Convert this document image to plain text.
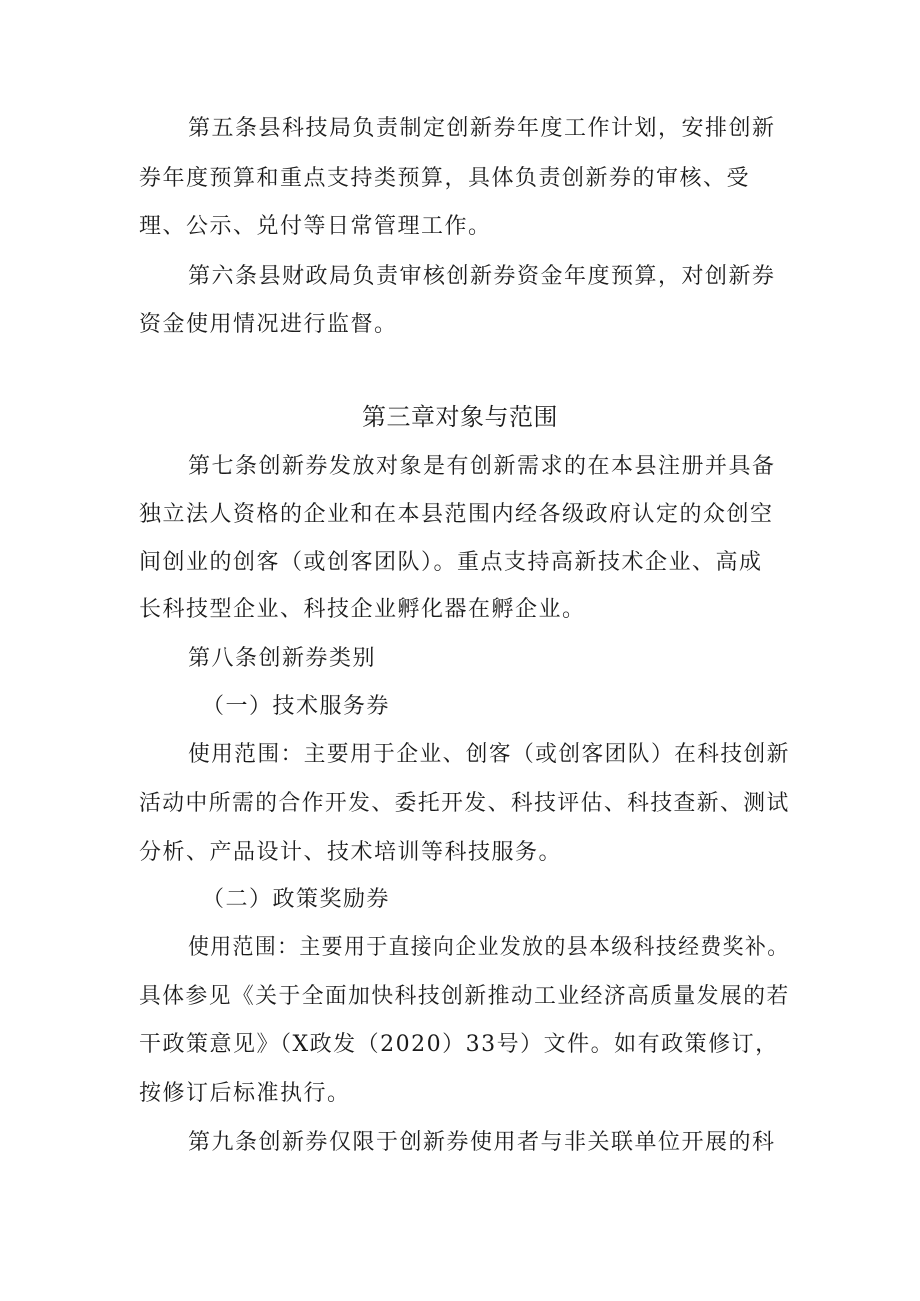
第五条县科技局负责制定创新券年度工作计划，安排创新
券年度预算和重点支持类预算，具体负责创新券的审核、受
理、公示、兑付等日常管理工作。
第六条县财政局负责审核创新券资金年度预算，对创新券
资金使用情况进行监督。
第三章对象与范围
第七条创新券发放对象是有创新需求的在本县注册并具备
独立法人资格的企业和在本县范围内经各级政府认定的众创空
间创业的创客（或创客团队）。重点支持高新技术企业、高成
长科技型企业、科技企业孵化器在孵企业。
第八条创新券类别
（一）技术服务券
使用范围：主要用于企业、创客（或创客团队）在科技创新
活动中所需的合作开发、委托开发、科技评估、科技查新、测试
分析、产品设计、技术培训等科技服务。
（二）政策奖励券
使用范围：主要用于直接向企业发放的县本级科技经费奖补。
具体参见《关于全面加快科技创新推动工业经济高质量发展的若
干政策意见》（X政发（2020）33号）文件。如有政策修订，
按修订后标准执行。
第九条创新券仅限于创新券使用者与非关联单位开展的科
